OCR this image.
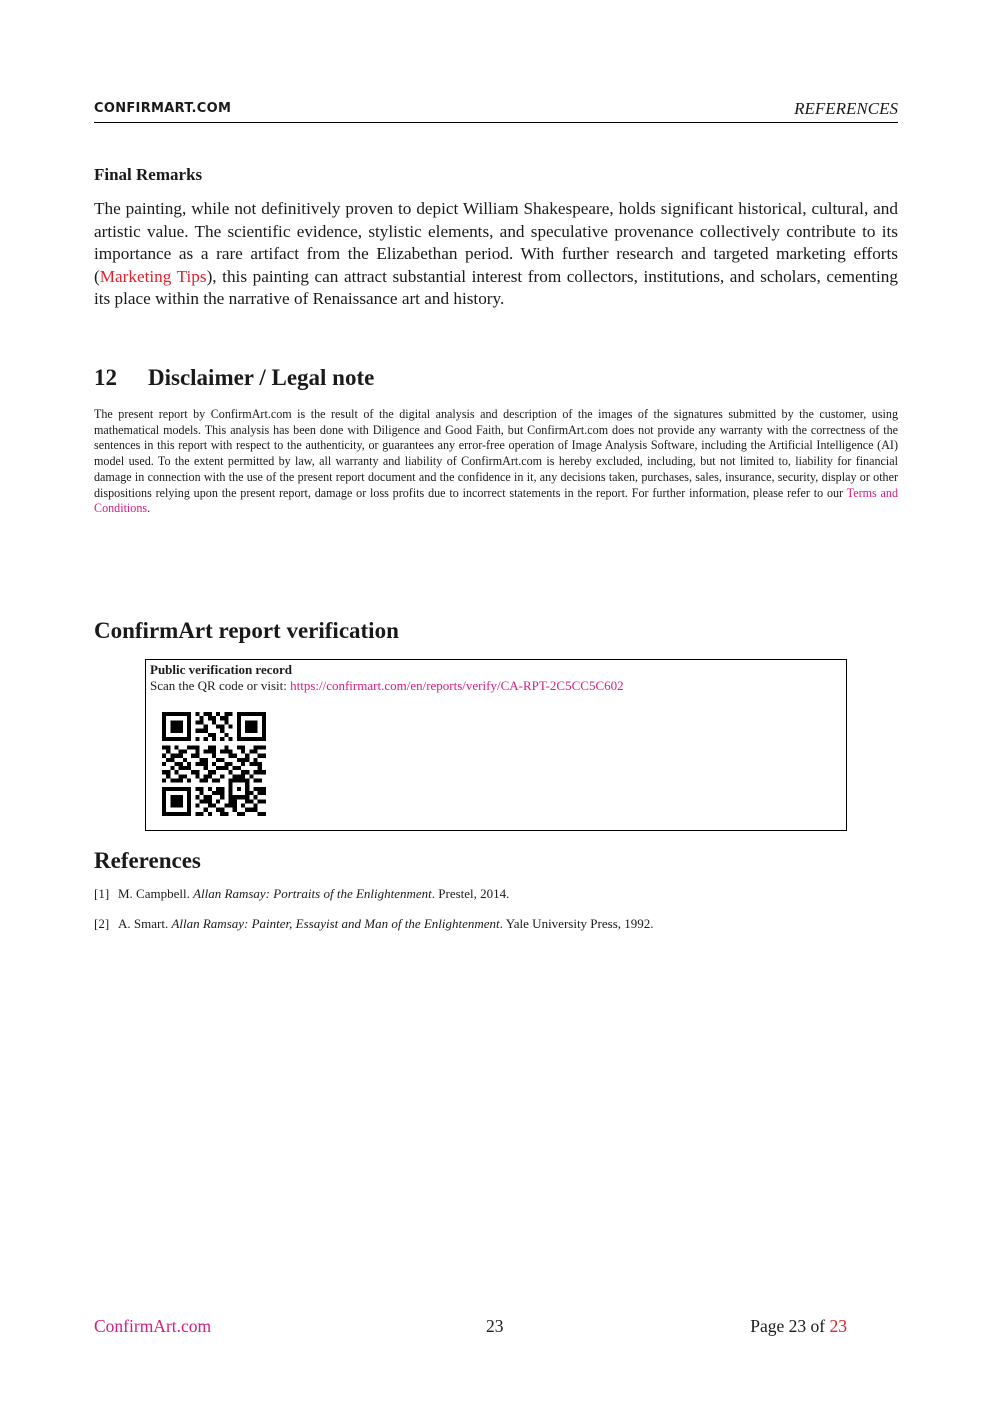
CONFIRMART.COM	REFERENCES
Final Remarks
The painting, while not definitively proven to depict William Shakespeare, holds significant historical, cultural, and artistic value. The scientific evidence, stylistic elements, and speculative provenance collectively contribute to its importance as a rare artifact from the Elizabethan period. With further research and targeted marketing efforts (Marketing Tips), this painting can attract substantial interest from collectors, institutions, and scholars, cementing its place within the narrative of Renaissance art and history.
12 Disclaimer / Legal note
The present report by ConfirmArt.com is the result of the digital analysis and description of the images of the signatures submitted by the customer, using mathematical models. This analysis has been done with Diligence and Good Faith, but ConfirmArt.com does not provide any warranty with the correctness of the sentences in this report with respect to the authenticity, or guarantees any error-free operation of Image Analysis Software, including the Artificial Intelligence (AI) model used. To the extent permitted by law, all warranty and liability of ConfirmArt.com is hereby excluded, including, but not limited to, liability for financial damage in connection with the use of the present report document and the confidence in it, any decisions taken, purchases, sales, insurance, security, display or other dispositions relying upon the present report, damage or loss profits due to incorrect statements in the report. For further information, please refer to our Terms and Conditions.
ConfirmArt report verification
Public verification record
Scan the QR code or visit: https://confirmart.com/en/reports/verify/CA-RPT-2C5CC5C602
References
[1] M. Campbell. Allan Ramsay: Portraits of the Enlightenment. Prestel, 2014.
[2] A. Smart. Allan Ramsay: Painter, Essayist and Man of the Enlightenment. Yale University Press, 1992.
ConfirmArt.com	23	Page 23 of 23
